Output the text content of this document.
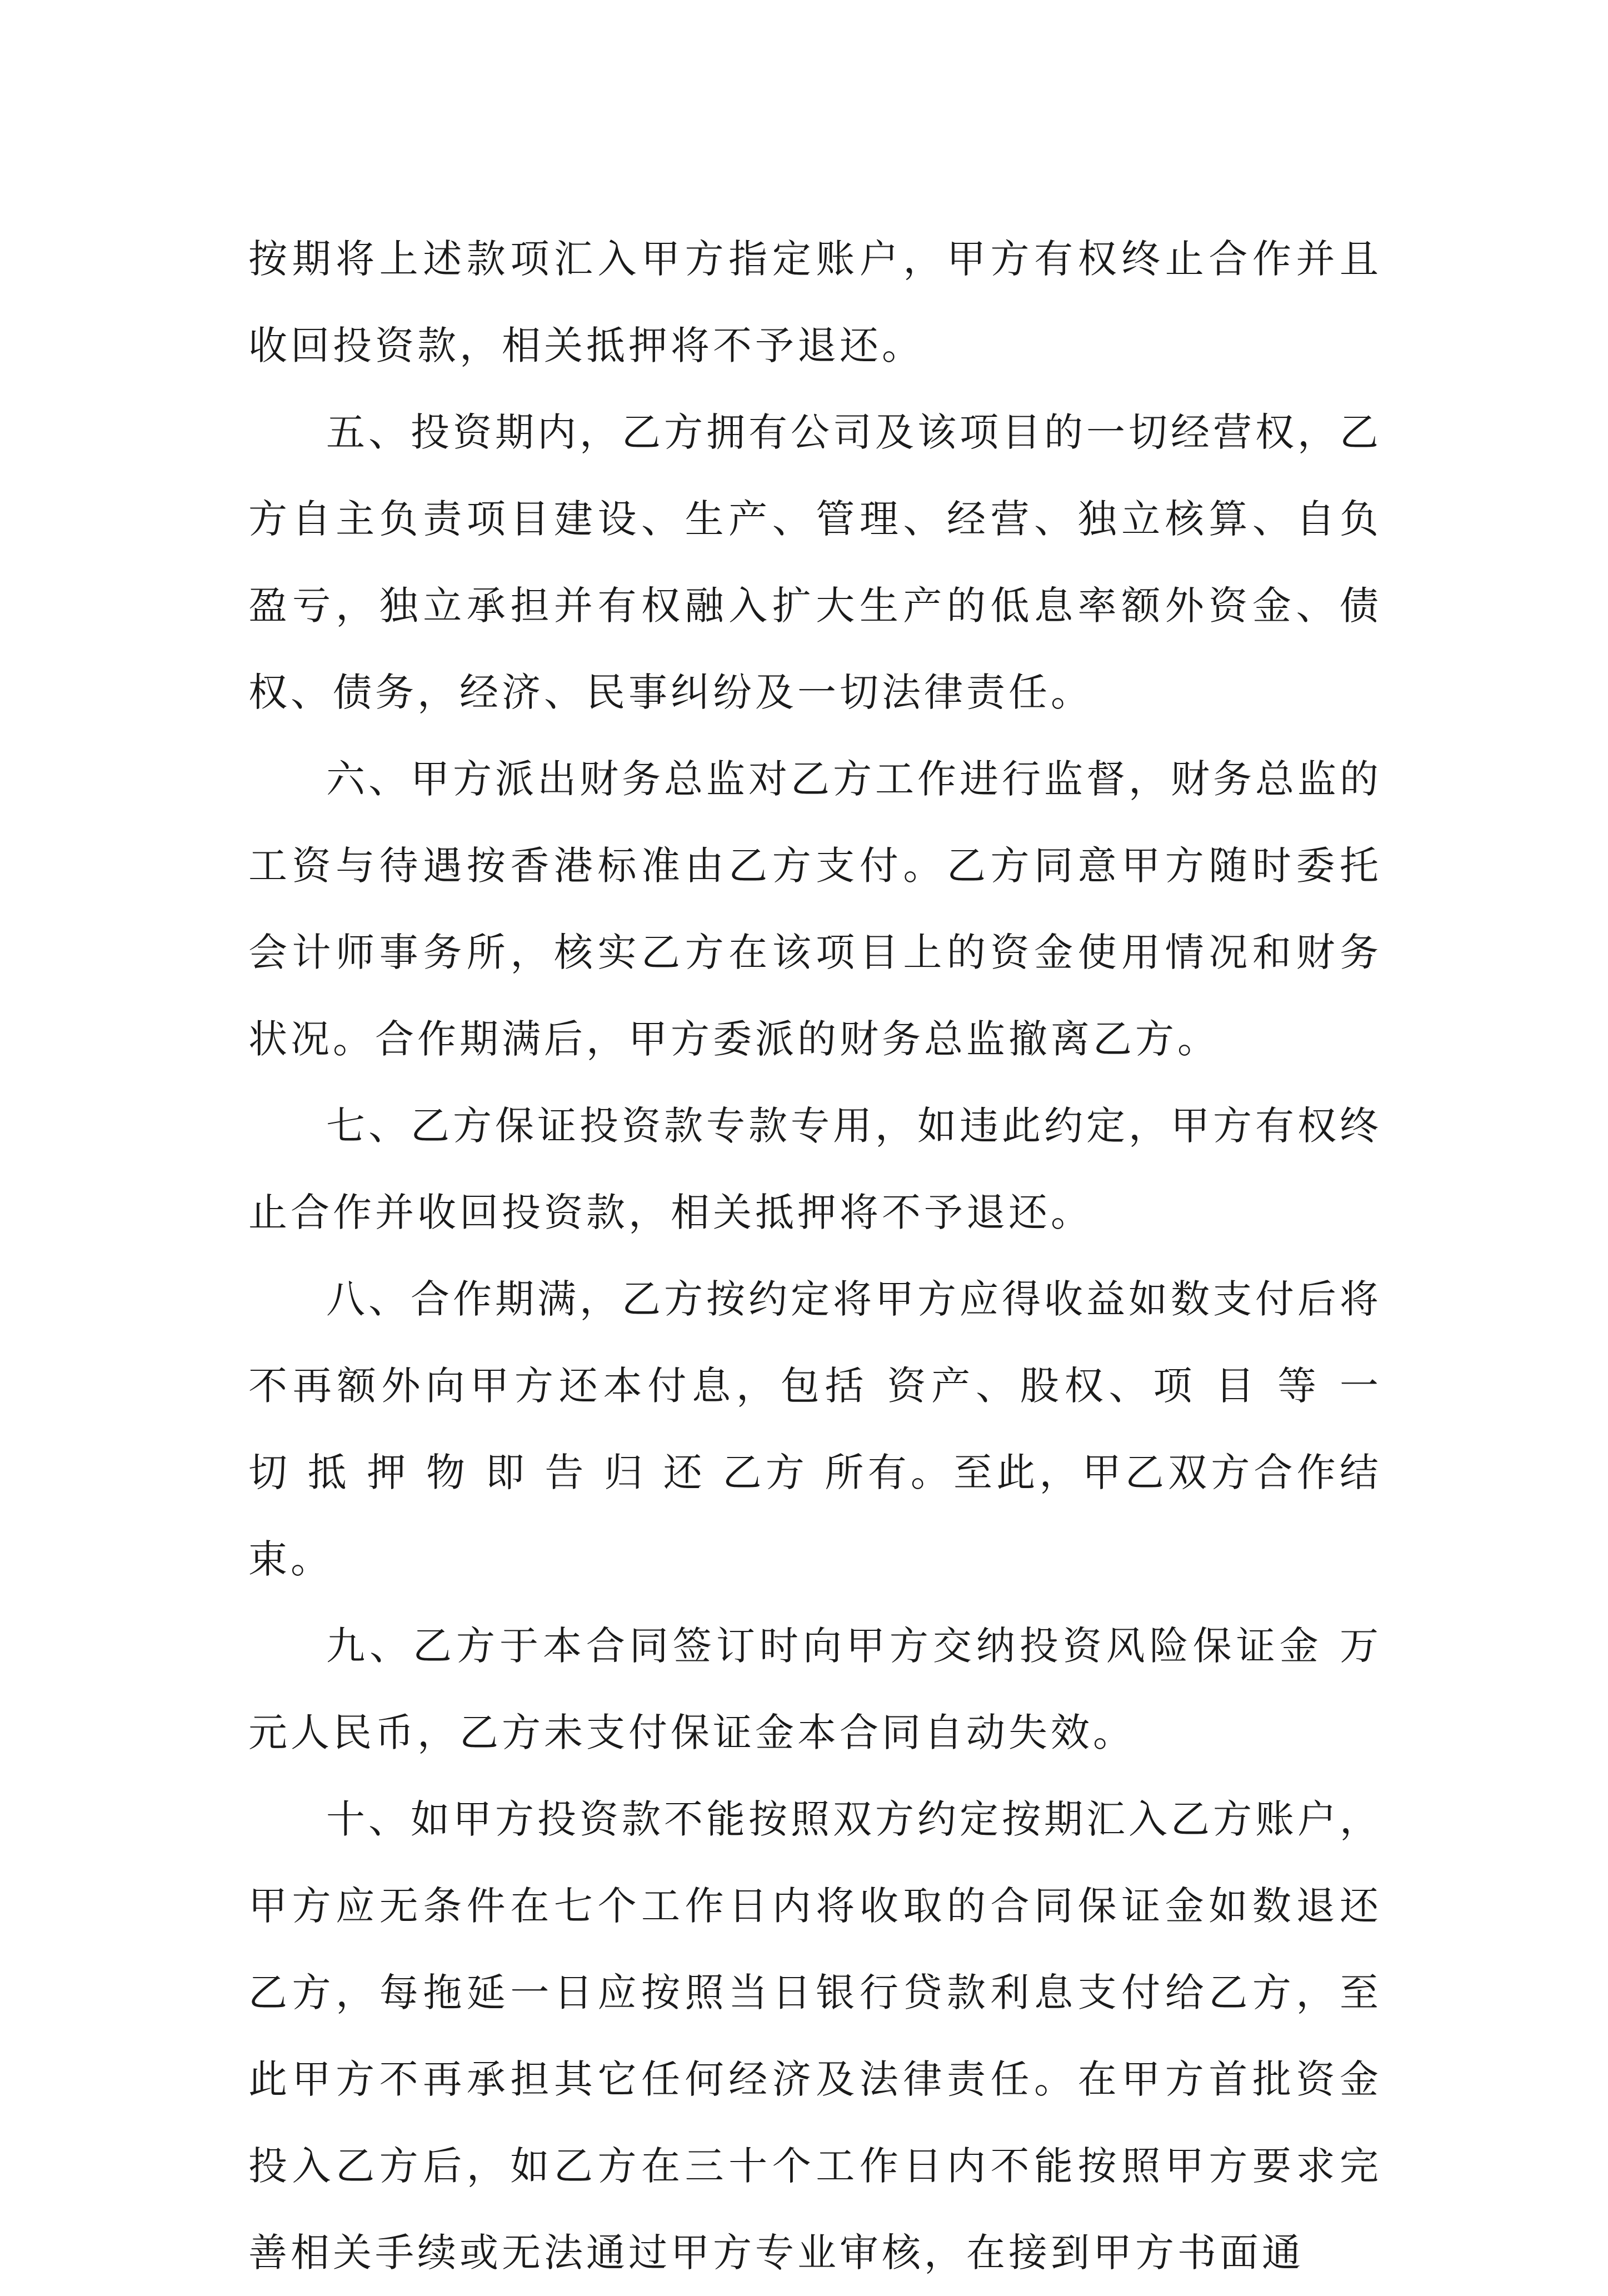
按期将上述款项汇入甲方指定账户，甲方有权终止合作并且收回投资款，相关抵押将不予退还。

五、投资期内，乙方拥有公司及该项目的一切经营权，乙方自主负责项目建设、生产、管理、经营、独立核算、自负盈亏，独立承担并有权融入扩大生产的低息率额外资金、债权、债务，经济、民事纠纷及一切法律责任。

六、甲方派出财务总监对乙方工作进行监督，财务总监的工资与待遇按香港标准由乙方支付。乙方同意甲方随时委托会计师事务所，核实乙方在该项目上的资金使用情况和财务状况。合作期满后，甲方委派的财务总监撤离乙方。

七、乙方保证投资款专款专用，如违此约定，甲方有权终止合作并收回投资款，相关抵押将不予退还。

八、合作期满，乙方按约定将甲方应得收益如数支付后将不再额外向甲方还本付息，包括 资产、股权、项 目 等 一 切 抵 押 物 即 告 归 还 乙方 所有。至此，甲乙双方合作结束。

九、乙方于本合同签订时向甲方交纳投资风险保证金 万元人民币，乙方未支付保证金本合同自动失效。

十、如甲方投资款不能按照双方约定按期汇入乙方账户，甲方应无条件在七个工作日内将收取的合同保证金如数退还乙方，每拖延一日应按照当日银行贷款利息支付给乙方，至此甲方不再承担其它任何经济及法律责任。在甲方首批资金投入乙方后，如乙方在三十个工作日内不能按照甲方要求完善相关手续或无法通过甲方专业审核，在接到甲方书面通
